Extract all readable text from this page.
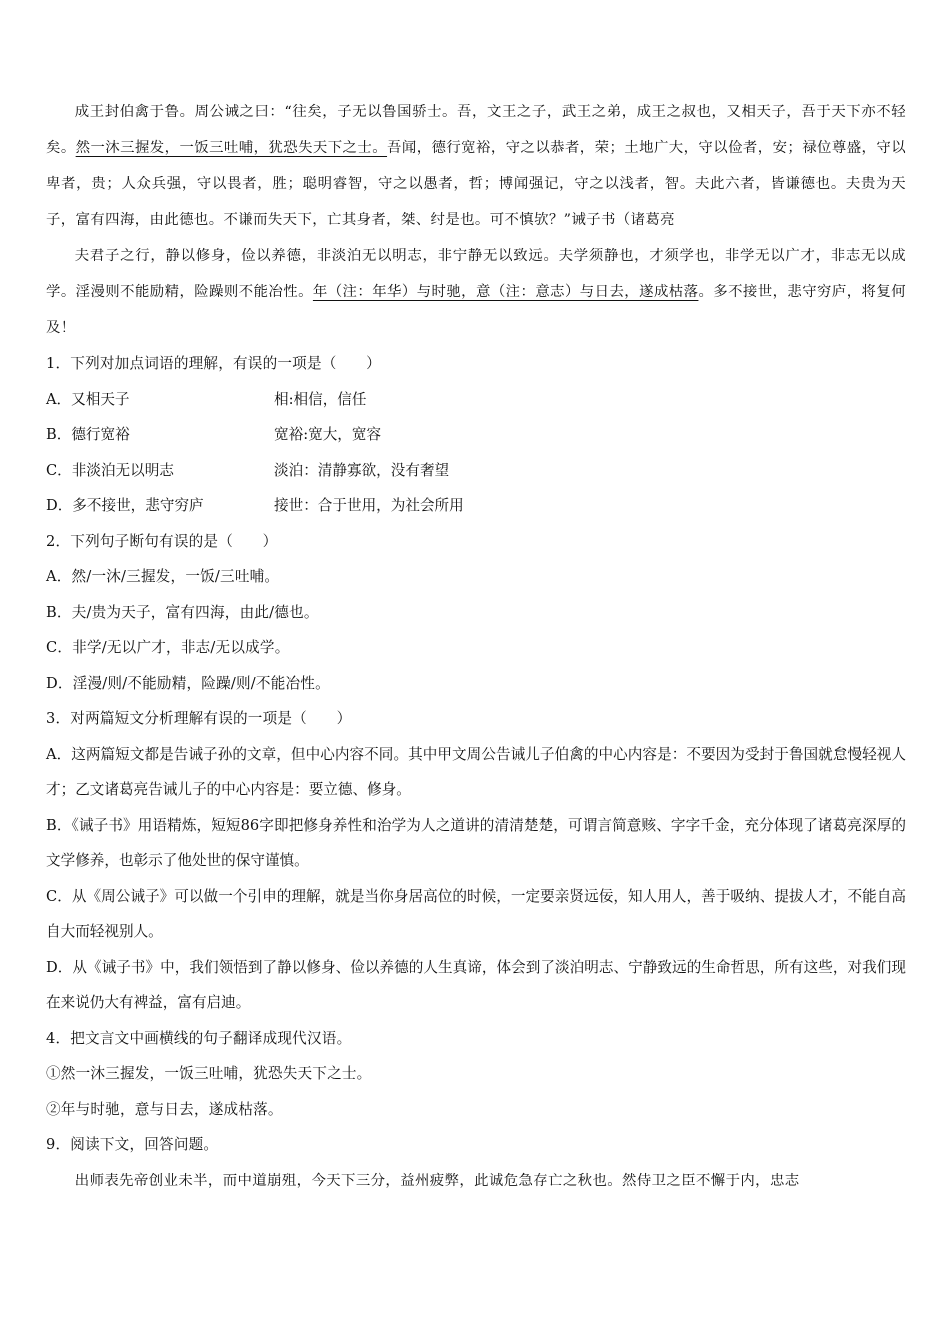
成王封伯禽于鲁。周公诫之曰：“往矣，子无以鲁国骄士。吾，文王之子，武王之弟，成王之叔也，又相天子，吾于天下亦不轻矣。然一沐三握发，一饭三吐哺，犹恐失天下之士。吾闻，德行宽裕，守之以恭者，荣；土地广大，守以俭者，安；禄位尊盛，守以卑者，贵；人众兵强，守以畏者，胜；聪明睿智，守之以愚者，哲；博闻强记，守之以浅者，智。夫此六者，皆谦德也。夫贵为天子，富有四海，由此德也。不谦而失天下，亡其身者，桀、纣是也。可不慎欤？”诫子书（诸葛亮

夫君子之行，静以修身，俭以养德，非淡泊无以明志，非宁静无以致远。夫学须静也，才须学也，非学无以广才，非志无以成学。淫漫则不能励精，险躁则不能冶性。年（注：年华）与时驰，意（注：意志）与日去，遂成枯落。多不接世，悲守穷庐，将复何及！

1．下列对加点词语的理解，有误的一项是（　　）

A．又相天子	相:相信，信任
B．德行宽裕	宽裕:宽大，宽容
C．非淡泊无以明志	淡泊：清静寡欲，没有奢望
D．多不接世，悲守穷庐	接世：合于世用，为社会所用

2．下列句子断句有误的是（　　）

A．然/一沐/三握发，一饭/三吐哺。

B．夫/贵为天子，富有四海，由此/德也。

C．非学/无以广才，非志/无以成学。

D．淫漫/则/不能励精，险躁/则/不能冶性。

3．对两篇短文分析理解有误的一项是（　　）

A．这两篇短文都是告诫子孙的文章，但中心内容不同。其中甲文周公告诫儿子伯禽的中心内容是：不要因为受封于鲁国就怠慢轻视人才；乙文诸葛亮告诫儿子的中心内容是：要立德、修身。

B．《诫子书》用语精炼，短短86字即把修身养性和治学为人之道讲的清清楚楚，可谓言简意赅、字字千金，充分体现了诸葛亮深厚的文学修养，也彰示了他处世的保守谨慎。

C．从《周公诫子》可以做一个引申的理解，就是当你身居高位的时候，一定要亲贤远佞，知人用人，善于吸纳、提拔人才，不能自高自大而轻视别人。

D．从《诫子书》中，我们领悟到了静以修身、俭以养德的人生真谛，体会到了淡泊明志、宁静致远的生命哲思，所有这些，对我们现在来说仍大有裨益，富有启迪。

4．把文言文中画横线的句子翻译成现代汉语。

①然一沐三握发，一饭三吐哺，犹恐失天下之士。

②年与时驰，意与日去，遂成枯落。

9．阅读下文，回答问题。

出师表先帝创业未半，而中道崩殂，今天下三分，益州疲弊，此诚危急存亡之秋也。然侍卫之臣不懈于内，忠志
